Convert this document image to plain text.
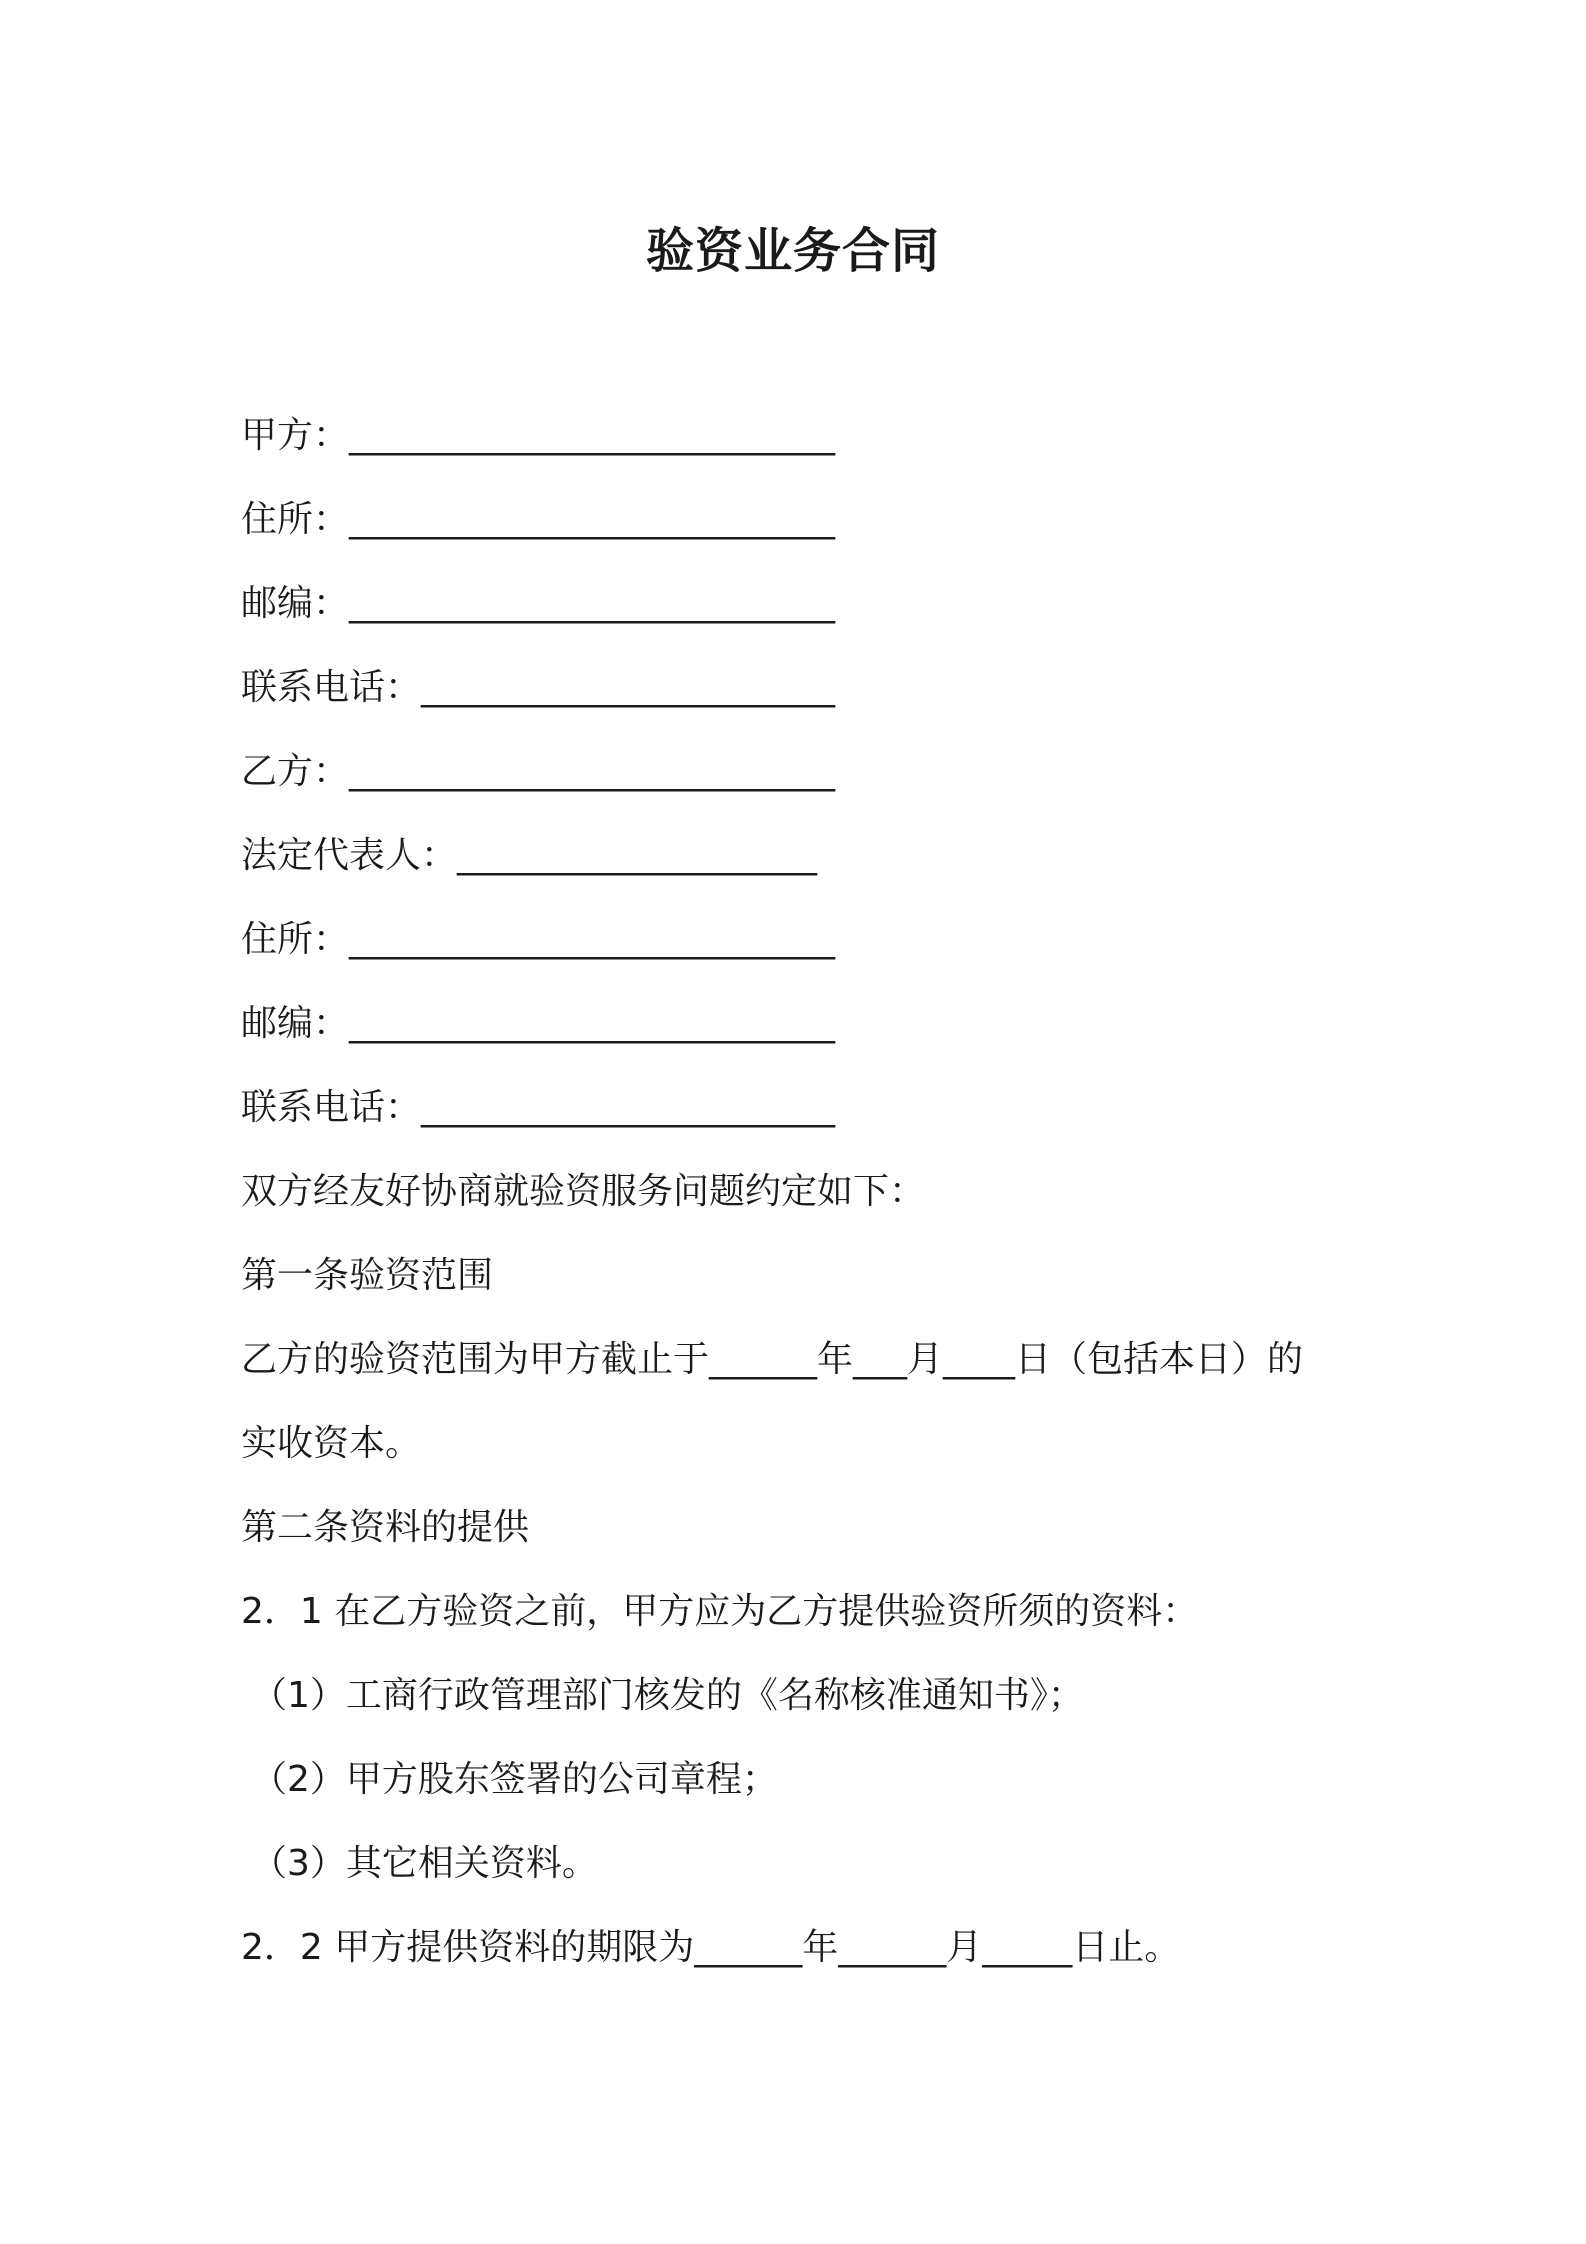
验资业务合同

甲方：___________________________

住所：___________________________

邮编：___________________________

联系电话：_______________________

乙方：___________________________

法定代表人：____________________

住所：___________________________

邮编：___________________________

联系电话：_______________________

双方经友好协商就验资服务问题约定如下：

第一条验资范围

乙方的验资范围为甲方截止于______年___月____日（包括本日）的

实收资本。

第二条资料的提供

2．1 在乙方验资之前，甲方应为乙方提供验资所须的资料：

（1）工商行政管理部门核发的《名称核准通知书》；

（2）甲方股东签署的公司章程；

（3）其它相关资料。

2．2 甲方提供资料的期限为______年______月_____日止。
